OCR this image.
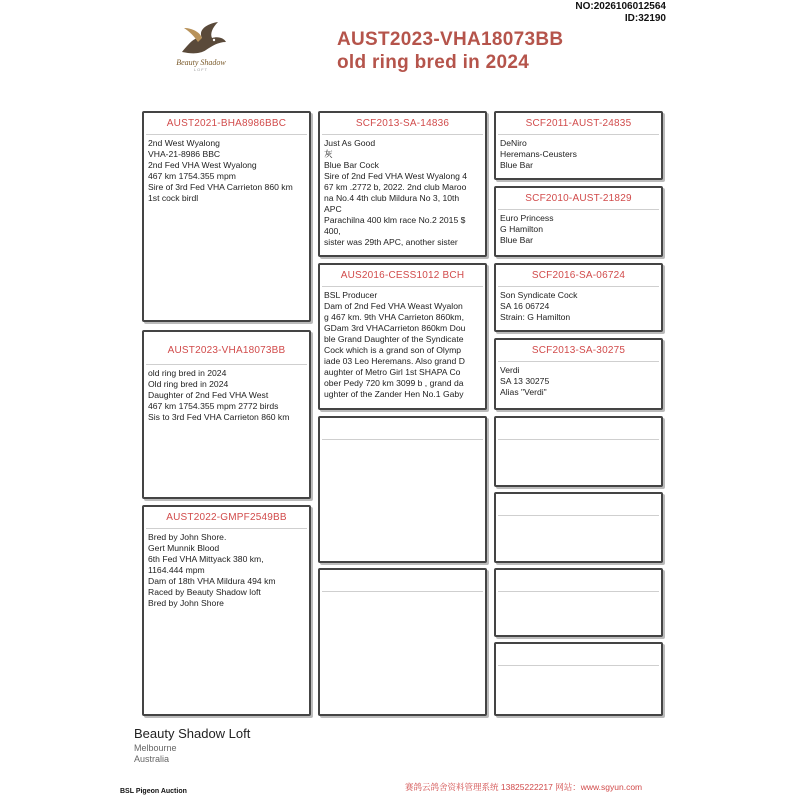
NO:2026106012564
ID:32190
Beauty Shadow
LOFT
AUST2023-VHA18073BB
old ring bred in 2024
AUST2021-BHA8986BBC
2nd West Wyalong
VHA-21-8986 BBC
2nd Fed VHA West Wyalong
467 km 1754.355 mpm
Sire of 3rd Fed VHA Carrieton 860 km
1st cock birdl
AUST2023-VHA18073BB
old ring bred in 2024
Old ring bred in 2024
Daughter of 2nd Fed VHA West
467 km 1754.355 mpm 2772 birds
Sis to 3rd Fed VHA Carrieton 860 km
AUST2022-GMPF2549BB
Bred by John Shore.
Gert Munnik Blood
6th Fed VHA Mittyack 380 km,
1164.444 mpm
Dam of 18th VHA Mildura 494 km
Raced by Beauty Shadow loft
Bred by John Shore
SCF2013-SA-14836
Just As Good
灰
Blue Bar Cock
Sire of 2nd Fed VHA West Wyalong 4
67 km .2772 b, 2022. 2nd club Maroo
na No.4 4th club Mildura No 3, 10th
APC
Parachilna 400 klm race No.2 2015 $
400,
sister was 29th APC, another sister
AUS2016-CESS1012 BCH
BSL Producer
Dam of 2nd Fed VHA Weast Wyalon
g 467 km. 9th VHA Carrieton 860km,
GDam 3rd VHACarrieton 860km Dou
ble Grand Daughter of the Syndicate
Cock which is a grand son of Olymp
iade 03 Leo Heremans. Also grand D
aughter of Metro Girl 1st SHAPA Co
ober Pedy 720 km 3099 b , grand da
ughter of the Zander Hen No.1 Gaby
SCF2011-AUST-24835
DeNiro
Heremans-Ceusters
Blue Bar
SCF2010-AUST-21829
Euro Princess
G Hamilton
Blue Bar
SCF2016-SA-06724
Son Syndicate Cock
SA 16 06724
Strain: G Hamilton
SCF2013-SA-30275
Verdi
SA 13 30275
Alias "Verdi"
Beauty Shadow Loft
Melbourne
Australia
赛鸽云鸽舍资料管理系统 13825222217 网站：www.sgyun.com
BSL Pigeon Auction
